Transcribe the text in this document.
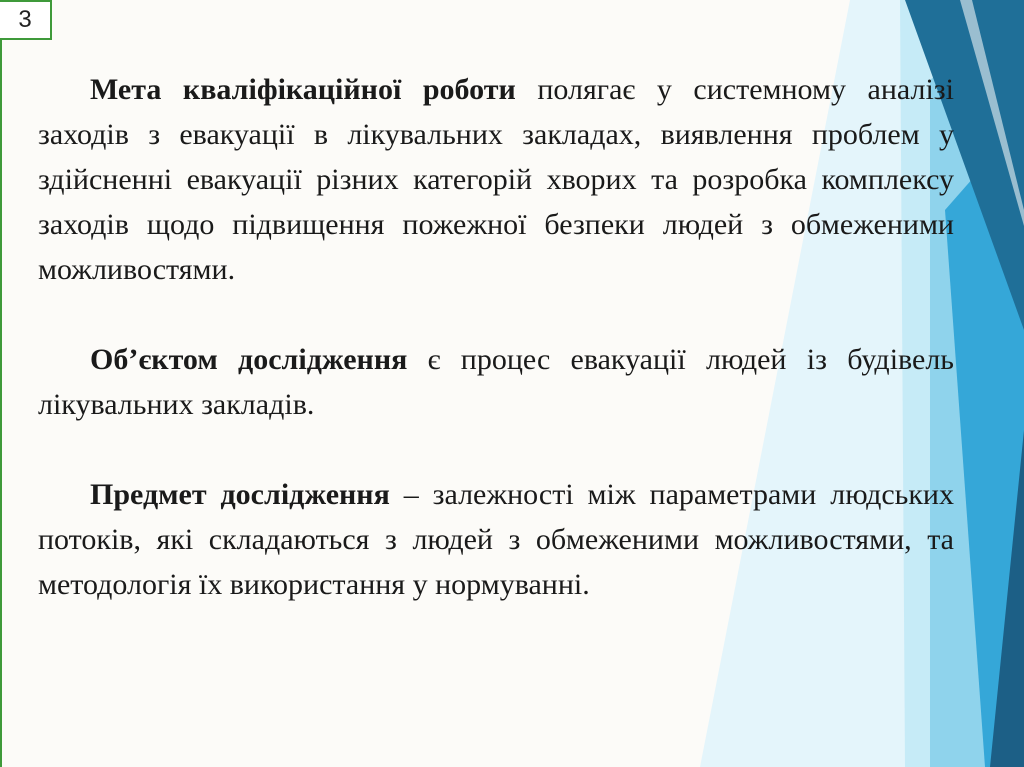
3

Мета кваліфікаційної роботи полягає у системному аналізі заходів з евакуації в лікувальних закладах, виявлення проблем у здійсненні евакуації різних категорій хворих та розробка комплексу заходів щодо підвищення пожежної безпеки людей з обмеженими можливостями.

Об’єктом дослідження є процес евакуації людей із будівель лікувальних закладів.

Предмет дослідження – залежності між параметрами людських потоків, які складаються з людей з обмеженими можливостями, та методологія їх використання у нормуванні.
